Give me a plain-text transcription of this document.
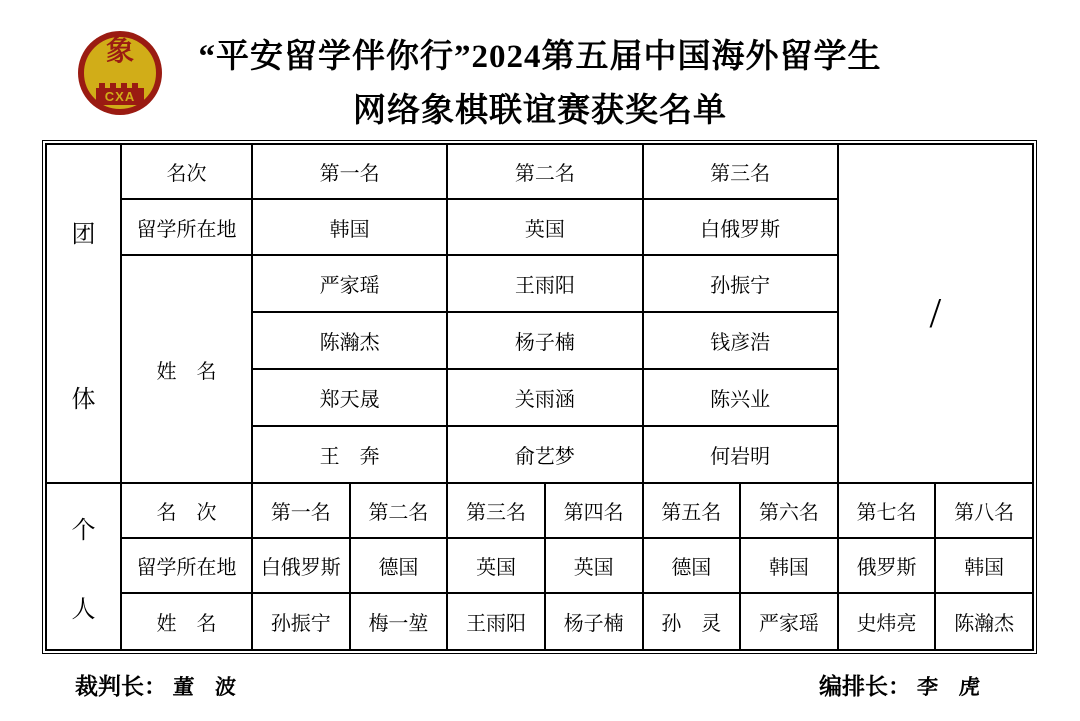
象
CXA
“平安留学伴你行”2024第五届中国海外留学生
网络象棋联谊赛获奖名单
团
体	名次	第一名		第二名		第三名		/	
	留学所在地	韩国		英国		白俄罗斯			
	姓　名	严家瑶		王雨阳		孙振宁			
		陈瀚杰		杨子楠		钱彦浩			
		郑天晟		关雨涵		陈兴业			
		王　奔		俞艺梦		何岩明			

个
人	名　次	第一名	第二名	第三名	第四名	第五名	第六名	第七名	第八名
	留学所在地	白俄罗斯	德国	英国	英国	德国	韩国	俄罗斯	韩国
	姓　名	孙振宁	梅一堃	王雨阳	杨子楠	孙　灵	严家瑶	史炜亮	陈瀚杰
裁判长： 董　波	编排长： 李　虎
